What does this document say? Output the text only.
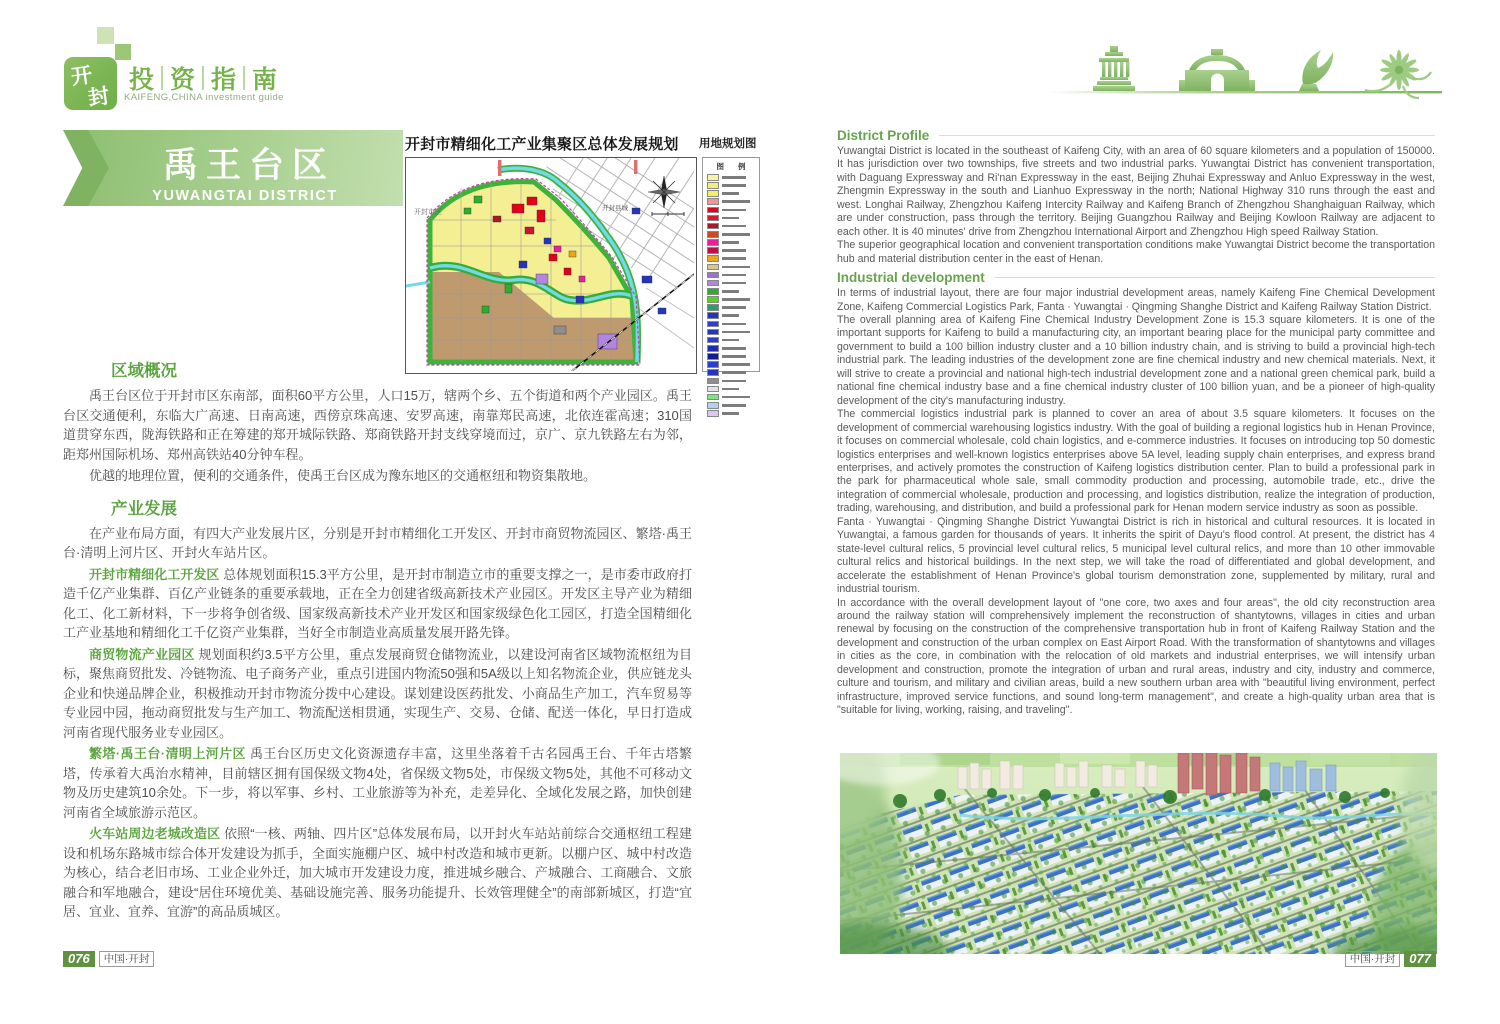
开
封
投 资 指 南
KAIFENG,CHINA investment guide
禹王台区
YUWANGTAI DISTRICT
开封市精细化工产业集聚区总体发展规划	用地规划图
开封市区
开封县城
图 例
区域概况

禹王台区位于开封市区东南部，面积60平方公里，人口15万，辖两个乡、五个街道和两个产业园区。禹王台区交通便利，东临大广高速、日南高速，西傍京珠高速、安罗高速，南靠郑民高速，北依连霍高速；310国道贯穿东西，陇海铁路和正在筹建的郑开城际铁路、郑商铁路开封支线穿境而过，京广、京九铁路左右为邻，距郑州国际机场、郑州高铁站40分钟车程。

优越的地理位置，便利的交通条件，使禹王台区成为豫东地区的交通枢纽和物资集散地。

产业发展

在产业布局方面，有四大产业发展片区，分别是开封市精细化工开发区、开封市商贸物流园区、繁塔·禹王台·清明上河片区、开封火车站片区。

开封市精细化工开发区 总体规划面积15.3平方公里，是开封市制造立市的重要支撑之一，是市委市政府打造千亿产业集群、百亿产业链条的重要承载地，正在全力创建省级高新技术产业园区。开发区主导产业为精细化工、化工新材料，下一步将争创省级、国家级高新技术产业开发区和国家级绿色化工园区，打造全国精细化工产业基地和精细化工千亿资产业集群，当好全市制造业高质量发展开路先锋。

商贸物流产业园区 规划面积约3.5平方公里，重点发展商贸仓储物流业，以建设河南省区域物流枢纽为目标，聚焦商贸批发、冷链物流、电子商务产业，重点引进国内物流50强和5A级以上知名物流企业，供应链龙头企业和快递品牌企业，积极推动开封市物流分拨中心建设。谋划建设医药批发、小商品生产加工，汽车贸易等专业园中园，拖动商贸批发与生产加工、物流配送相贯通，实现生产、交易、仓储、配送一体化，早日打造成河南省现代服务业专业园区。

繁塔·禹王台·清明上河片区 禹王台区历史文化资源遗存丰富，这里坐落着千古名园禹王台、千年古塔繁塔，传承着大禹治水精神，目前辖区拥有国保级文物4处，省保级文物5处，市保级文物5处，其他不可移动文物及历史建筑10余处。下一步，将以军事、乡村、工业旅游等为补充，走差异化、全域化发展之路，加快创建河南省全域旅游示范区。

火车站周边老城改造区 依照“一核、两轴、四片区”总体发展布局，以开封火车站站前综合交通枢纽工程建设和机场东路城市综合体开发建设为抓手，全面实施棚户区、城中村改造和城市更新。以棚户区、城中村改造为核心，结合老旧市场、工业企业外迁，加大城市开发建设力度，推进城乡融合、产城融合、工商融合、文旅融合和军地融合，建设“居住环境优美、基础设施完善、服务功能提升、长效管理健全”的南部新城区，打造“宜居、宜业、宜养、宜游”的高品质城区。

District Profile

Yuwangtai District is located in the southeast of Kaifeng City, with an area of 60 square kilometers and a population of 150000. It has jurisdiction over two townships, five streets and two industrial parks. Yuwangtai District has convenient transportation, with Daguang Expressway and Ri'nan Expressway in the east, Beijing Zhuhai Expressway and Anluo Expressway in the west, Zhengmin Expressway in the south and Lianhuo Expressway in the north; National Highway 310 runs through the east and west. Longhai Railway, Zhengzhou Kaifeng Intercity Railway and Kaifeng Branch of Zhengzhou Shanghaiguan Railway, which are under construction, pass through the territory. Beijing Guangzhou Railway and Beijing Kowloon Railway are adjacent to each other. It is 40 minutes' drive from Zhengzhou International Airport and Zhengzhou High speed Railway Station.

The superior geographical location and convenient transportation conditions make Yuwangtai District become the transportation hub and material distribution center in the east of Henan.

Industrial development

In terms of industrial layout, there are four major industrial development areas, namely Kaifeng Fine Chemical Development Zone, Kaifeng Commercial Logistics Park, Fanta · Yuwangtai · Qingming Shanghe District and Kaifeng Railway Station District.

The overall planning area of Kaifeng Fine Chemical Industry Development Zone is 15.3 square kilometers. It is one of the important supports for Kaifeng to build a manufacturing city, an important bearing place for the municipal party committee and government to build a 100 billion industry cluster and a 10 billion industry chain, and is striving to build a provincial high-tech industrial park. The leading industries of the development zone are fine chemical industry and new chemical materials. Next, it will strive to create a provincial and national high-tech industrial development zone and a national green chemical park, build a national fine chemical industry base and a fine chemical industry cluster of 100 billion yuan, and be a pioneer of high-quality development of the city's manufacturing industry.

The commercial logistics industrial park is planned to cover an area of about 3.5 square kilometers. It focuses on the development of commercial warehousing logistics industry. With the goal of building a regional logistics hub in Henan Province, it focuses on commercial wholesale, cold chain logistics, and e-commerce industries. It focuses on introducing top 50 domestic logistics enterprises and well-known logistics enterprises above 5A level, leading supply chain enterprises, and express brand enterprises, and actively promotes the construction of Kaifeng logistics distribution center. Plan to build a professional park in the park for pharmaceutical whole sale, small commodity production and processing, automobile trade, etc., drive the integration of commercial wholesale, production and processing, and logistics distribution, realize the integration of production, trading, warehousing, and distribution, and build a professional park for Henan modern service industry as soon as possible.

Fanta · Yuwangtai · Qingming Shanghe District Yuwangtai District is rich in historical and cultural resources. It is located in Yuwangtai, a famous garden for thousands of years. It inherits the spirit of Dayu's flood control. At present, the district has 4 state-level cultural relics, 5 provincial level cultural relics, 5 municipal level cultural relics, and more than 10 other immovable cultural relics and historical buildings. In the next step, we will take the road of differentiated and global development, and accelerate the establishment of Henan Province's global tourism demonstration zone, supplemented by military, rural and industrial tourism.

In accordance with the overall development layout of "one core, two axes and four areas", the old city reconstruction area around the railway station will comprehensively implement the reconstruction of shantytowns, villages in cities and urban renewal by focusing on the construction of the comprehensive transportation hub in front of Kaifeng Railway Station and the development and construction of the urban complex on East Airport Road. With the transformation of shantytowns and villages in cities as the core, in combination with the relocation of old markets and industrial enterprises, we will intensify urban development and construction, promote the integration of urban and rural areas, industry and city, industry and commerce, culture and tourism, and military and civilian areas, build a new southern urban area with "beautiful living environment, perfect infrastructure, improved service functions, and sound long-term management", and create a high-quality urban area that is "suitable for living, working, raising, and traveling".

076	中国·开封	中国·开封	077
